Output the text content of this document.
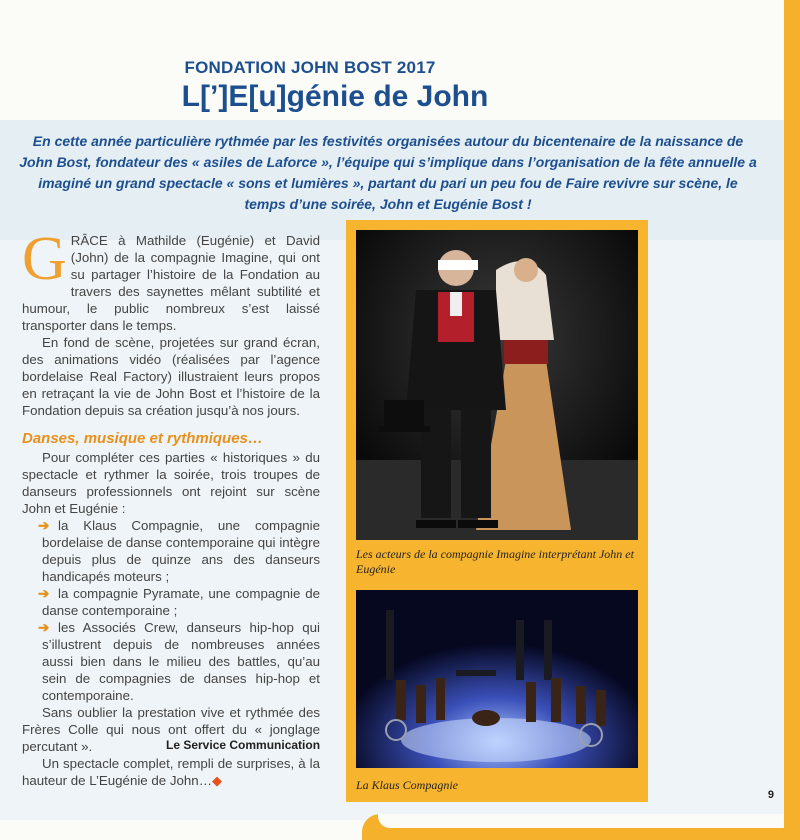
FONDATION JOHN BOST 2017
L[’]E[u]génie de John
En cette année particulière rythmée par les festivités organisées autour du bicentenaire de la naissance de John Bost, fondateur des « asiles de Laforce », l’équipe qui s’implique dans l’organisation de la fête annuelle a imaginé un grand spectacle « sons et lumières », partant du pari un peu fou de Faire revivre sur scène, le temps d’une soirée, John et Eugénie Bost !

GRÂCE à Mathilde (Eugénie) et David (John) de la compagnie Imagine, qui ont su partager l’histoire de la Fondation au travers des saynettes mêlant subtilité et humour, le public nombreux s’est laissé transporter dans le temps.

En fond de scène, projetées sur grand écran, des animations vidéo (réalisées par l’agence bordelaise Real Factory) illustraient leurs propos en retraçant la vie de John Bost et l’histoire de la Fondation depuis sa création jusqu’à nos jours.

Danses, musique et rythmiques…

Pour compléter ces parties « historiques » du spectacle et rythmer la soirée, trois troupes de danseurs professionnels ont rejoint sur scène John et Eugénie :

➔ la Klaus Compagnie, une compagnie bordelaise de danse contemporaine qui intègre depuis plus de quinze ans des danseurs handicapés moteurs ;

➔ la compagnie Pyramate, une compagnie de danse contemporaine ;

➔ les Associés Crew, danseurs hip-hop qui s’illustrent depuis de nombreuses années aussi bien dans le milieu des battles, qu’au sein de compagnies de danses hip-hop et contemporaine.

Sans oublier la prestation vive et rythmée des Frères Colle qui nous ont offert du « jonglage percutant ».

Un spectacle complet, rempli de surprises, à la hauteur de L’Eugénie de John…◆

Le Service Communication
Les acteurs de la compagnie Imagine interprétant John et Eugénie
La Klaus Compagnie
9
